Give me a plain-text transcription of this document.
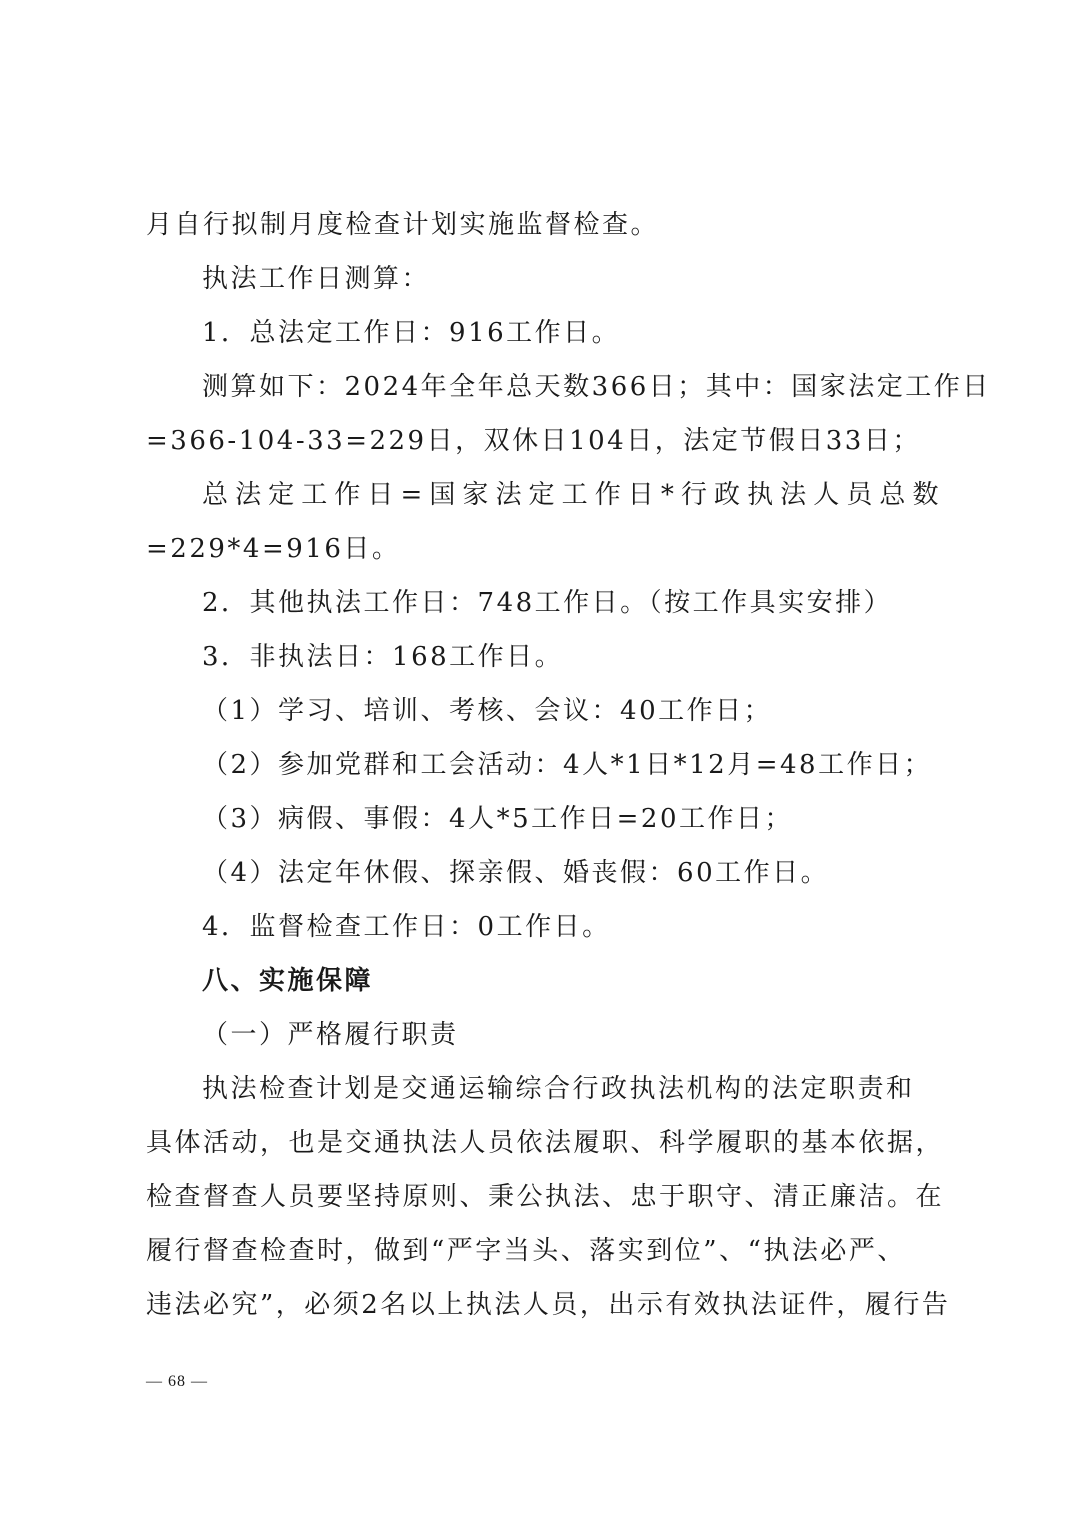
月自行拟制月度检查计划实施监督检查。
执法工作日测算：
1．总法定工作日：916工作日。
测算如下：2024年全年总天数366日；其中：国家法定工作日
=366-104-33=229日，双休日104日，法定节假日33日；
总法定工作日=国家法定工作日*行政执法人员总数
=229*4=916日。
2．其他执法工作日：748工作日。（按工作具实安排）
3．非执法日：168工作日。
（1）学习、培训、考核、会议：40工作日；
（2）参加党群和工会活动：4人*1日*12月=48工作日；
（3）病假、事假：4人*5工作日=20工作日；
（4）法定年休假、探亲假、婚丧假：60工作日。
4．监督检查工作日：0工作日。
八、实施保障
（一）严格履行职责
执法检查计划是交通运输综合行政执法机构的法定职责和
具体活动，也是交通执法人员依法履职、科学履职的基本依据，
检查督查人员要坚持原则、秉公执法、忠于职守、清正廉洁。在
履行督查检查时，做到“严字当头、落实到位”、“执法必严、
违法必究”，必须2名以上执法人员，出示有效执法证件，履行告
— 68 —
